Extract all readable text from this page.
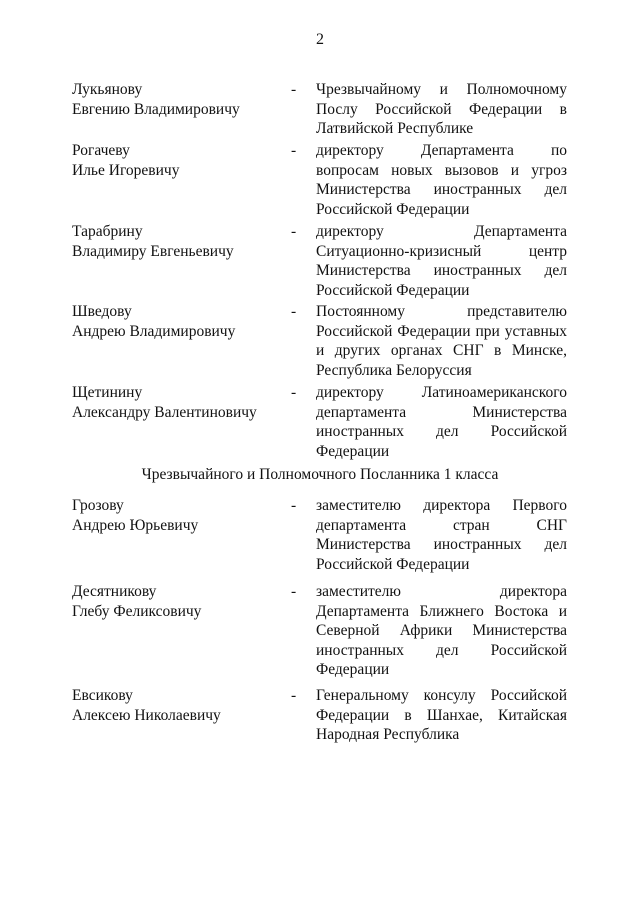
2
Лукьянову
Евгению Владимировичу
- Чрезвычайному и Полномочному Послу Российской Федерации в Латвийской Республике
Рогачеву
Илье Игоревичу
- директору Департамента по вопросам новых вызовов и угроз Министерства иностранных дел Российской Федерации
Тарабрину
Владимиру Евгеньевичу
- директору Департамента Ситуационно-кризисный центр Министерства иностранных дел Российской Федерации
Шведову
Андрею Владимировичу
- Постоянному представителю Российской Федерации при уставных и других органах СНГ в Минске, Республика Белоруссия
Щетинину
Александру Валентиновичу
- директору Латиноамериканского департамента Министерства иностранных дел Российской Федерации
Чрезвычайного и Полномочного Посланника 1 класса
Грозову
Андрею Юрьевичу
- заместителю директора Первого департамента стран СНГ Министерства иностранных дел Российской Федерации
Десятникову
Глебу Феликсовичу
- заместителю директора Департамента Ближнего Востока и Северной Африки Министерства иностранных дел Российской Федерации
Евсикову
Алексею Николаевичу
- Генеральному консулу Российской Федерации в Шанхае, Китайская Народная Республика
